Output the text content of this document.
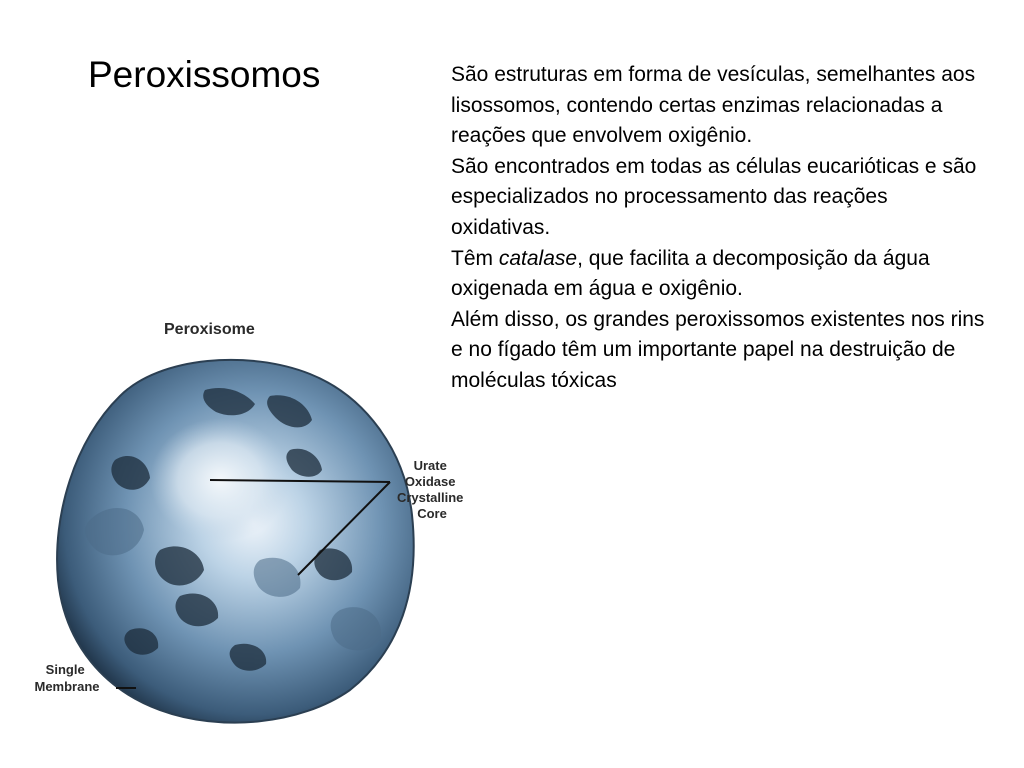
Peroxissomos	São estruturas em forma de vesículas, semelhantes aos lisossomos, contendo certas enzimas relacionadas a reações que envolvem oxigênio.
São encontrados em todas as células eucarióticas e são especializados no processamento das reações oxidativas.
Têm catalase, que facilita a decomposição da água oxigenada em água e oxigênio.
Além disso, os grandes peroxissomos existentes nos rins e no fígado têm um importante papel na destruição de moléculas tóxicas
Peroxisome
Urate Oxidase Crystalline Core
Single Membrane
